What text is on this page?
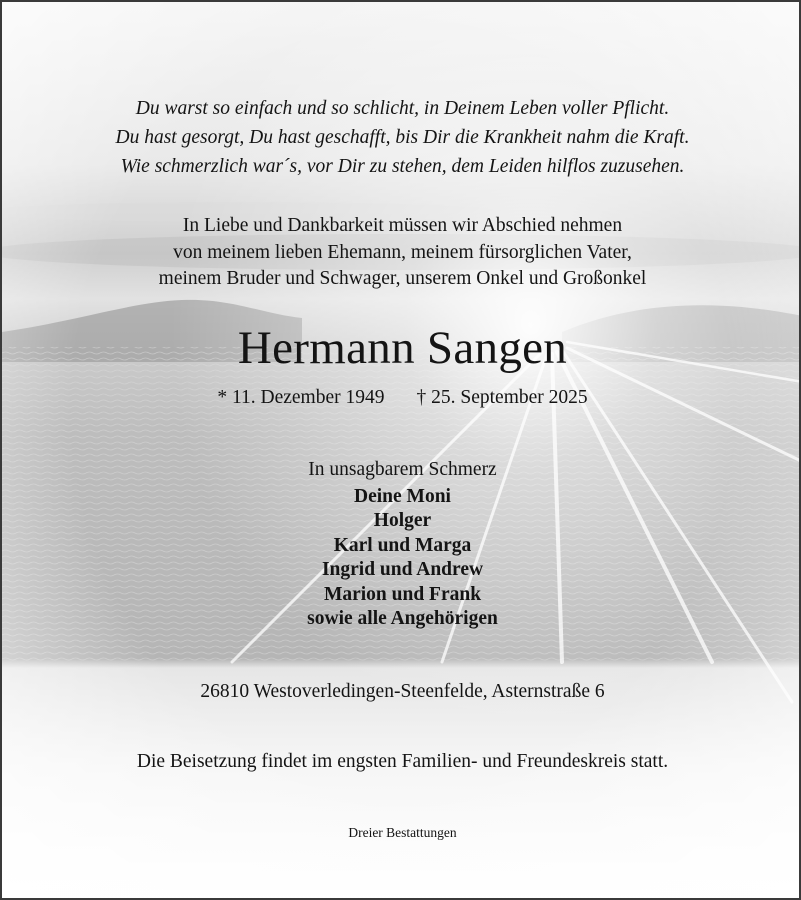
Du warst so einfach und so schlicht, in Deinem Leben voller Pflicht.
Du hast gesorgt, Du hast geschafft, bis Dir die Krankheit nahm die Kraft.
Wie schmerzlich war´s, vor Dir zu stehen, dem Leiden hilflos zuzusehen.
In Liebe und Dankbarkeit müssen wir Abschied nehmen
von meinem lieben Ehemann, meinem fürsorglichen Vater,
meinem Bruder und Schwager, unserem Onkel und Großonkel
Hermann Sangen
* 11. Dezember 1949 † 25. September 2025
In unsagbarem Schmerz
Deine Moni
Holger
Karl und Marga
Ingrid und Andrew
Marion und Frank
sowie alle Angehörigen
26810 Westoverledingen-Steenfelde, Asternstraße 6
Die Beisetzung findet im engsten Familien- und Freundeskreis statt.
Dreier Bestattungen
